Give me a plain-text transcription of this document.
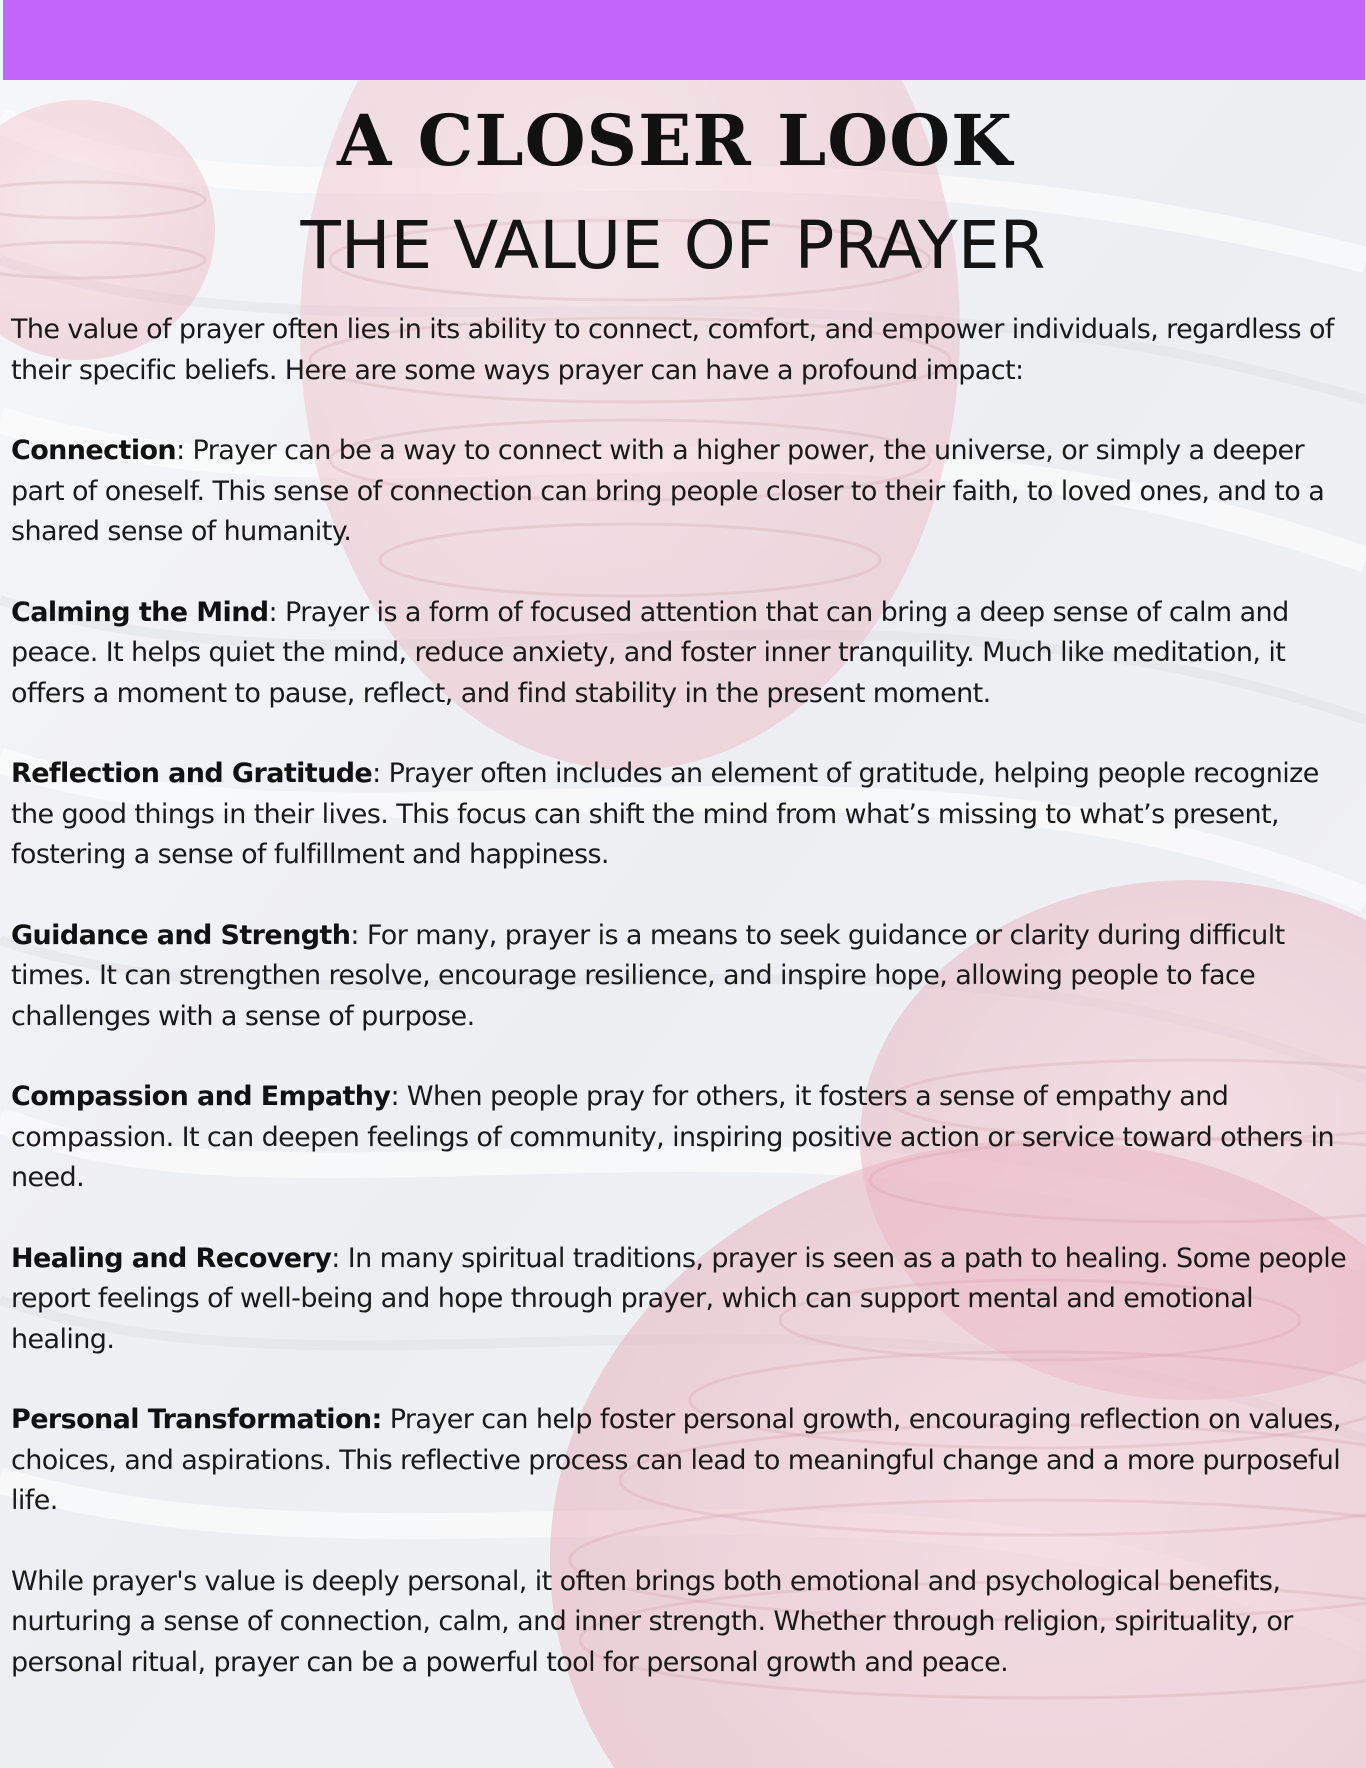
A CLOSER LOOK
THE VALUE OF PRAYER

The value of prayer often lies in its ability to connect, comfort, and empower individuals, regardless of their specific beliefs. Here are some ways prayer can have a profound impact:

Connection: Prayer can be a way to connect with a higher power, the universe, or simply a deeper part of oneself. This sense of connection can bring people closer to their faith, to loved ones, and to a shared sense of humanity.

Calming the Mind: Prayer is a form of focused attention that can bring a deep sense of calm and peace. It helps quiet the mind, reduce anxiety, and foster inner tranquility. Much like meditation, it offers a moment to pause, reflect, and find stability in the present moment.

Reflection and Gratitude: Prayer often includes an element of gratitude, helping people recognize the good things in their lives. This focus can shift the mind from what’s missing to what’s present, fostering a sense of fulfillment and happiness.

Guidance and Strength: For many, prayer is a means to seek guidance or clarity during difficult times. It can strengthen resolve, encourage resilience, and inspire hope, allowing people to face challenges with a sense of purpose.

Compassion and Empathy: When people pray for others, it fosters a sense of empathy and compassion. It can deepen feelings of community, inspiring positive action or service toward others in need.

Healing and Recovery: In many spiritual traditions, prayer is seen as a path to healing. Some people report feelings of well-being and hope through prayer, which can support mental and emotional healing.

Personal Transformation: Prayer can help foster personal growth, encouraging reflection on values, choices, and aspirations. This reflective process can lead to meaningful change and a more purposeful life.

While prayer's value is deeply personal, it often brings both emotional and psychological benefits, nurturing a sense of connection, calm, and inner strength. Whether through religion, spirituality, or personal ritual, prayer can be a powerful tool for personal growth and peace.
